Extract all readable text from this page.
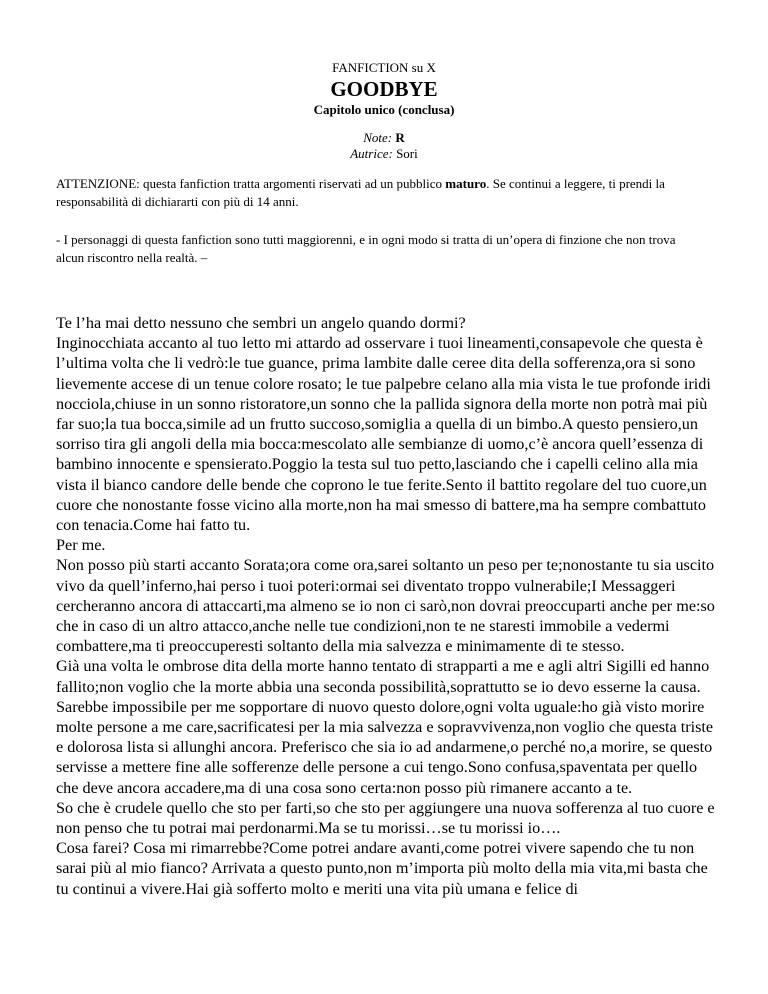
FANFICTION su X
GOODBYE
Capitolo unico (conclusa)
Note: R
Autrice: Sori
ATTENZIONE: questa fanfiction tratta argomenti riservati ad un pubblico maturo. Se continui a leggere, ti prendi la responsabilità di dichiararti con più di 14 anni.
- I personaggi di questa fanfiction sono tutti maggiorenni, e in ogni modo si tratta di un’opera di finzione che non trova alcun riscontro nella realtà. –

Te l’ha mai detto nessuno che sembri un angelo quando dormi?

Inginocchiata accanto al tuo letto mi attardo ad osservare i tuoi lineamenti,consapevole che questa è l’ultima volta che li vedrò:le tue guance, prima lambite dalle ceree dita della sofferenza,ora si sono lievemente accese di un tenue colore rosato; le tue palpebre celano alla mia vista le tue profonde iridi nocciola,chiuse in un sonno ristoratore,un sonno che la pallida signora della morte non potrà mai più far suo;la tua bocca,simile ad un frutto succoso,somiglia a quella di un bimbo.A questo pensiero,un sorriso tira gli angoli della mia bocca:mescolato alle sembianze di uomo,c’è ancora quell’essenza di bambino innocente e spensierato.Poggio la testa sul tuo petto,lasciando che i capelli celino alla mia vista il bianco candore delle bende che coprono le tue ferite.Sento il battito regolare del tuo cuore,un cuore che nonostante fosse vicino alla morte,non ha mai smesso di battere,ma ha sempre combattuto con tenacia.Come hai fatto tu.

Per me.

Non posso più starti accanto Sorata;ora come ora,sarei soltanto un peso per te;nonostante tu sia uscito vivo da quell’inferno,hai perso i tuoi poteri:ormai sei diventato troppo vulnerabile;I Messaggeri cercheranno ancora di attaccarti,ma almeno se io non ci sarò,non dovrai preoccuparti anche per me:so che in caso di un altro attacco,anche nelle tue condizioni,non te ne staresti immobile a vedermi combattere,ma ti preoccuperesti soltanto della mia salvezza e minimamente di te stesso.

Già una volta le ombrose dita della morte hanno tentato di strapparti a me e agli altri Sigilli ed hanno fallito;non voglio che la morte abbia una seconda possibilità,soprattutto se io devo esserne la causa.

Sarebbe impossibile per me sopportare di nuovo questo dolore,ogni volta uguale:ho già visto morire molte persone a me care,sacrificatesi per la mia salvezza e sopravvivenza,non voglio che questa triste e dolorosa lista si allunghi ancora. Preferisco che sia io ad andarmene,o perché no,a morire, se questo servisse a mettere fine alle sofferenze delle persone a cui tengo.Sono confusa,spaventata per quello che deve ancora accadere,ma di una cosa sono certa:non posso più rimanere accanto a te.

So che è crudele quello che sto per farti,so che sto per aggiungere una nuova sofferenza al tuo cuore e non penso che tu potrai mai perdonarmi.Ma se tu morissi…se tu morissi io….

Cosa farei? Cosa mi rimarrebbe?Come potrei andare avanti,come potrei vivere sapendo che tu non sarai più al mio fianco? Arrivata a questo punto,non m’importa più molto della mia vita,mi basta che tu continui a vivere.Hai già sofferto molto e meriti una vita più umana e felice di
